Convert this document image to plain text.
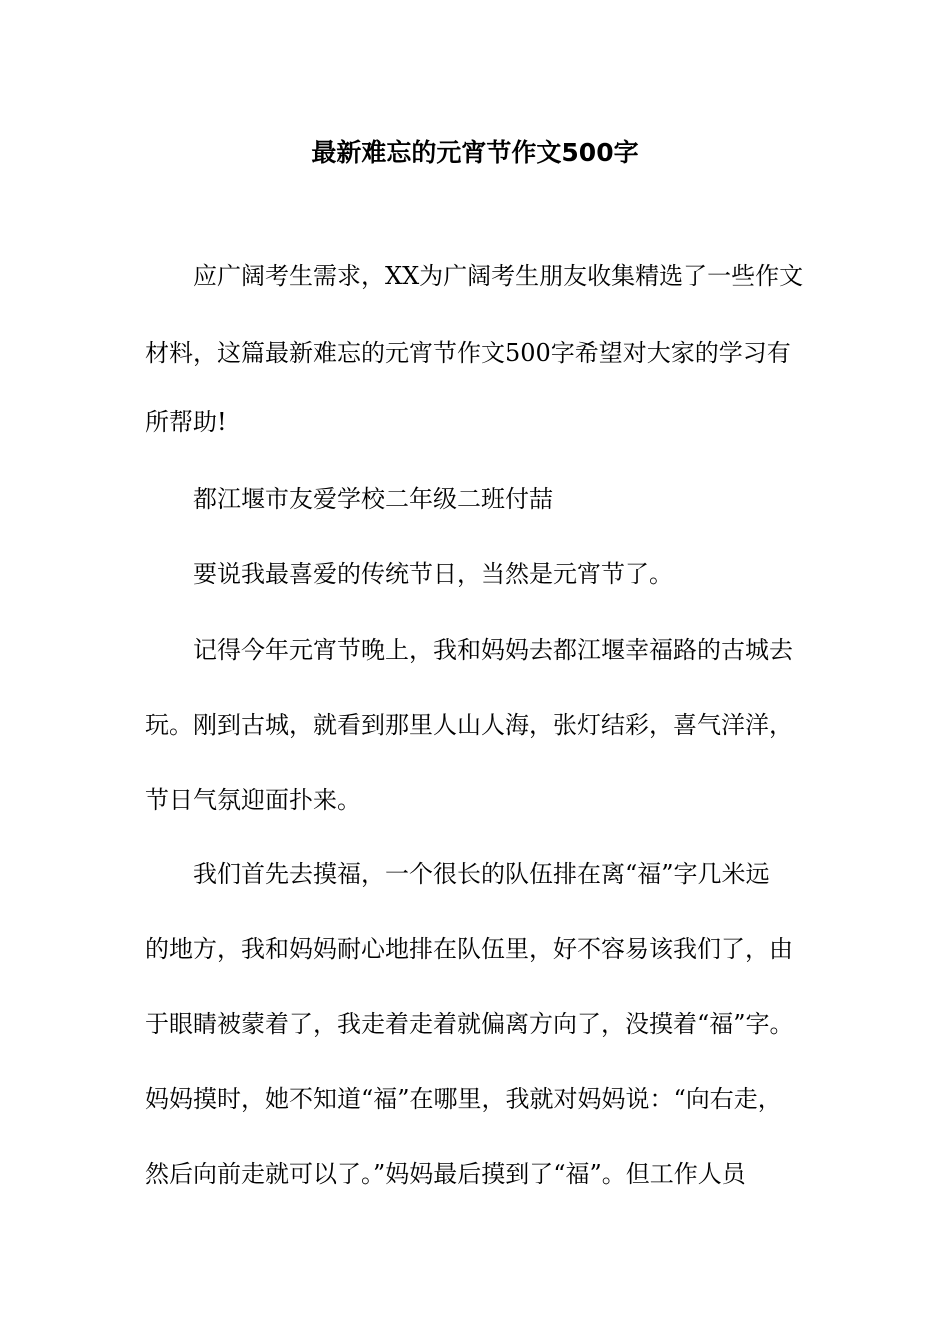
最新难忘的元宵节作文500字
应广阔考生需求，XX为广阔考生朋友收集精选了一些作文
材料，这篇最新难忘的元宵节作文500字希望对大家的学习有
所帮助!
都江堰市友爱学校二年级二班付喆
要说我最喜爱的传统节日，当然是元宵节了。
记得今年元宵节晚上，我和妈妈去都江堰幸福路的古城去
玩。刚到古城，就看到那里人山人海，张灯结彩，喜气洋洋，
节日气氛迎面扑来。
我们首先去摸福，一个很长的队伍排在离“福”字几米远
的地方，我和妈妈耐心地排在队伍里，好不容易该我们了，由
于眼睛被蒙着了，我走着走着就偏离方向了，没摸着“福”字。
妈妈摸时，她不知道“福”在哪里，我就对妈妈说：“向右走，
然后向前走就可以了。”妈妈最后摸到了“福”。但工作人员
